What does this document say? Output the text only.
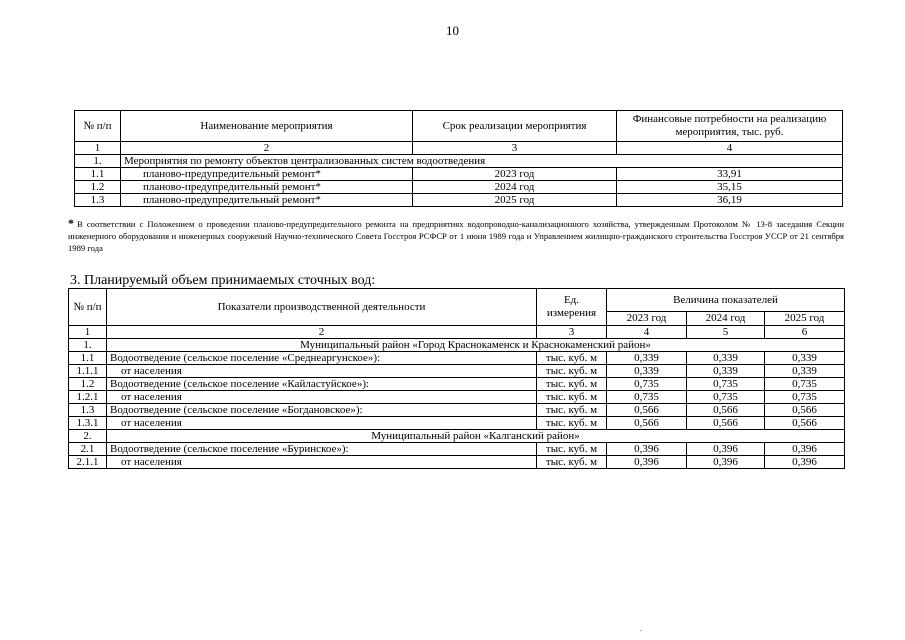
10
№ п/п	Наименование мероприятия	Срок реализации мероприятия	Финансовые потребности на реализацию мероприятия, тыс. руб.
1	2	3	4
1.	Мероприятия по ремонту объектов централизованных систем водоотведения		
1.1	планово-предупредительный ремонт*	2023 год	33,91
1.2	планово-предупредительный ремонт*	2024 год	35,15
1.3	планово-предупредительный ремонт*	2025 год	36,19
* В соответствии с Положением о проведении планово-предупредительного ремонта на предприятиях водопроводно-канализационного хозяйства, утвержденным Протоколом № 13-8 заседания Секции инженерного оборудования и инженерных сооружений Научно-технического Совета Госстроя РСФСР от 1 июня 1989 года и Управлением жилищно-гражданского строительства Госстроя УССР от 21 сентября 1989 года
3. Планируемый объем принимаемых сточных вод:
№ п/п	Показатели производственной деятельности	Ед. измерения	Величина показателей		
			2023 год	2024 год	2025 год
1	2	3	4	5	6
1.	Муниципальный район «Город Краснокаменск и Краснокаменский район»				
1.1	Водоотведение (сельское поселение «Среднеаргунское»):	тыс. куб. м	0,339	0,339	0,339
1.1.1	от населения	тыс. куб. м	0,339	0,339	0,339
1.2	Водоотведение (сельское поселение «Кайластуйское»):	тыс. куб. м	0,735	0,735	0,735
1.2.1	от населения	тыс. куб. м	0,735	0,735	0,735
1.3	Водоотведение (сельское поселение «Богдановское»):	тыс. куб. м	0,566	0,566	0,566
1.3.1	от населения	тыс. куб. м	0,566	0,566	0,566
2.	Муниципальный район «Калганский район»				
2.1	Водоотведение (сельское поселение «Буринское»):	тыс. куб. м	0,396	0,396	0,396
2.1.1	от населения	тыс. куб. м	0,396	0,396	0,396
.
